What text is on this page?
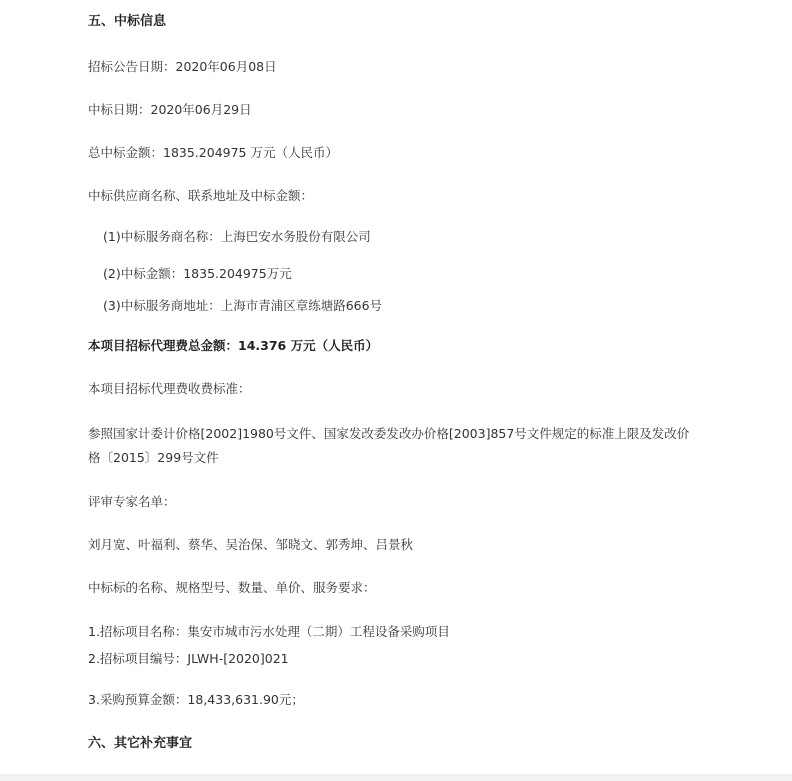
五、中标信息
招标公告日期：2020年06月08日
中标日期：2020年06月29日
总中标金额：1835.204975 万元（人民币）
中标供应商名称、联系地址及中标金额：
(1)中标服务商名称：上海巴安水务股份有限公司
(2)中标金额：1835.204975万元
(3)中标服务商地址：上海市青浦区章练塘路666号
本项目招标代理费总金额：14.376 万元（人民币）
本项目招标代理费收费标准：
参照国家计委计价格[2002]1980号文件、国家发改委发改办价格[2003]857号文件规定的标准上限及发改价
格〔2015〕299号文件
评审专家名单：
刘月宽、叶福利、蔡华、吴治保、邹晓文、郭秀坤、吕景秋
中标标的名称、规格型号、数量、单价、服务要求：
1.招标项目名称：集安市城市污水处理（二期）工程设备采购项目
2.招标项目编号：JLWH-[2020]021
3.采购预算金额：18,433,631.90元；
六、其它补充事宜
